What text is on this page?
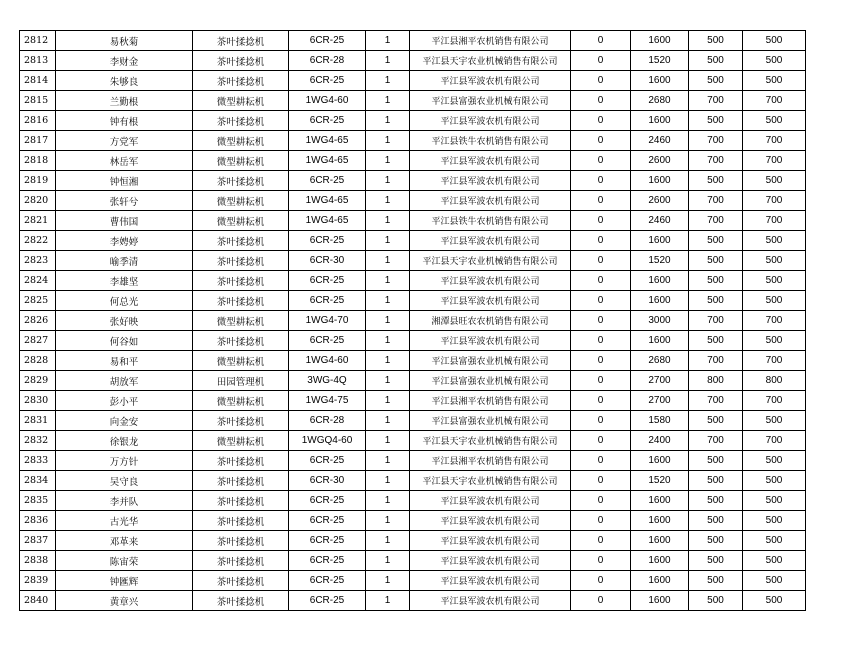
2812	易秋菊	茶叶揉捻机	6CR-25	1	平江县湘平农机销售有限公司	0	1600	500	500
2813	李财金	茶叶揉捻机	6CR-28	1	平江县天宇农业机械销售有限公司	0	1520	500	500
2814	朱够良	茶叶揉捻机	6CR-25	1	平江县军波农机有限公司	0	1600	500	500
2815	兰勤根	微型耕耘机	1WG4-60	1	平江县富强农业机械有限公司	0	2680	700	700
2816	钟有根	茶叶揉捻机	6CR-25	1	平江县军波农机有限公司	0	1600	500	500
2817	方党军	微型耕耘机	1WG4-65	1	平江县铁牛农机销售有限公司	0	2460	700	700
2818	林岳军	微型耕耘机	1WG4-65	1	平江县军波农机有限公司	0	2600	700	700
2819	钟恒湘	茶叶揉捻机	6CR-25	1	平江县军波农机有限公司	0	1600	500	500
2820	张轩兮	微型耕耘机	1WG4-65	1	平江县军波农机有限公司	0	2600	700	700
2821	曹伟国	微型耕耘机	1WG4-65	1	平江县铁牛农机销售有限公司	0	2460	700	700
2822	李娉婷	茶叶揉捻机	6CR-25	1	平江县军波农机有限公司	0	1600	500	500
2823	喻季清	茶叶揉捻机	6CR-30	1	平江县天宇农业机械销售有限公司	0	1520	500	500
2824	李雄坚	茶叶揉捻机	6CR-25	1	平江县军波农机有限公司	0	1600	500	500
2825	何总光	茶叶揉捻机	6CR-25	1	平江县军波农机有限公司	0	1600	500	500
2826	张好映	微型耕耘机	1WG4-70	1	湘潭县旺农农机销售有限公司	0	3000	700	700
2827	何谷如	茶叶揉捻机	6CR-25	1	平江县军波农机有限公司	0	1600	500	500
2828	易和平	微型耕耘机	1WG4-60	1	平江县富强农业机械有限公司	0	2680	700	700
2829	胡放军	田园管理机	3WG-4Q	1	平江县富强农业机械有限公司	0	2700	800	800
2830	彭小平	微型耕耘机	1WG4-75	1	平江县湘平农机销售有限公司	0	2700	700	700
2831	向金安	茶叶揉捻机	6CR-28	1	平江县富强农业机械有限公司	0	1580	500	500
2832	徐银龙	微型耕耘机	1WGQ4-60	1	平江县天宇农业机械销售有限公司	0	2400	700	700
2833	万方针	茶叶揉捻机	6CR-25	1	平江县湘平农机销售有限公司	0	1600	500	500
2834	吴守良	茶叶揉捻机	6CR-30	1	平江县天宇农业机械销售有限公司	0	1520	500	500
2835	李并队	茶叶揉捻机	6CR-25	1	平江县军波农机有限公司	0	1600	500	500
2836	古光华	茶叶揉捻机	6CR-25	1	平江县军波农机有限公司	0	1600	500	500
2837	邓革来	茶叶揉捻机	6CR-25	1	平江县军波农机有限公司	0	1600	500	500
2838	陈宙荣	茶叶揉捻机	6CR-25	1	平江县军波农机有限公司	0	1600	500	500
2839	钟匯辉	茶叶揉捻机	6CR-25	1	平江县军波农机有限公司	0	1600	500	500
2840	黄章兴	茶叶揉捻机	6CR-25	1	平江县军波农机有限公司	0	1600	500	500
